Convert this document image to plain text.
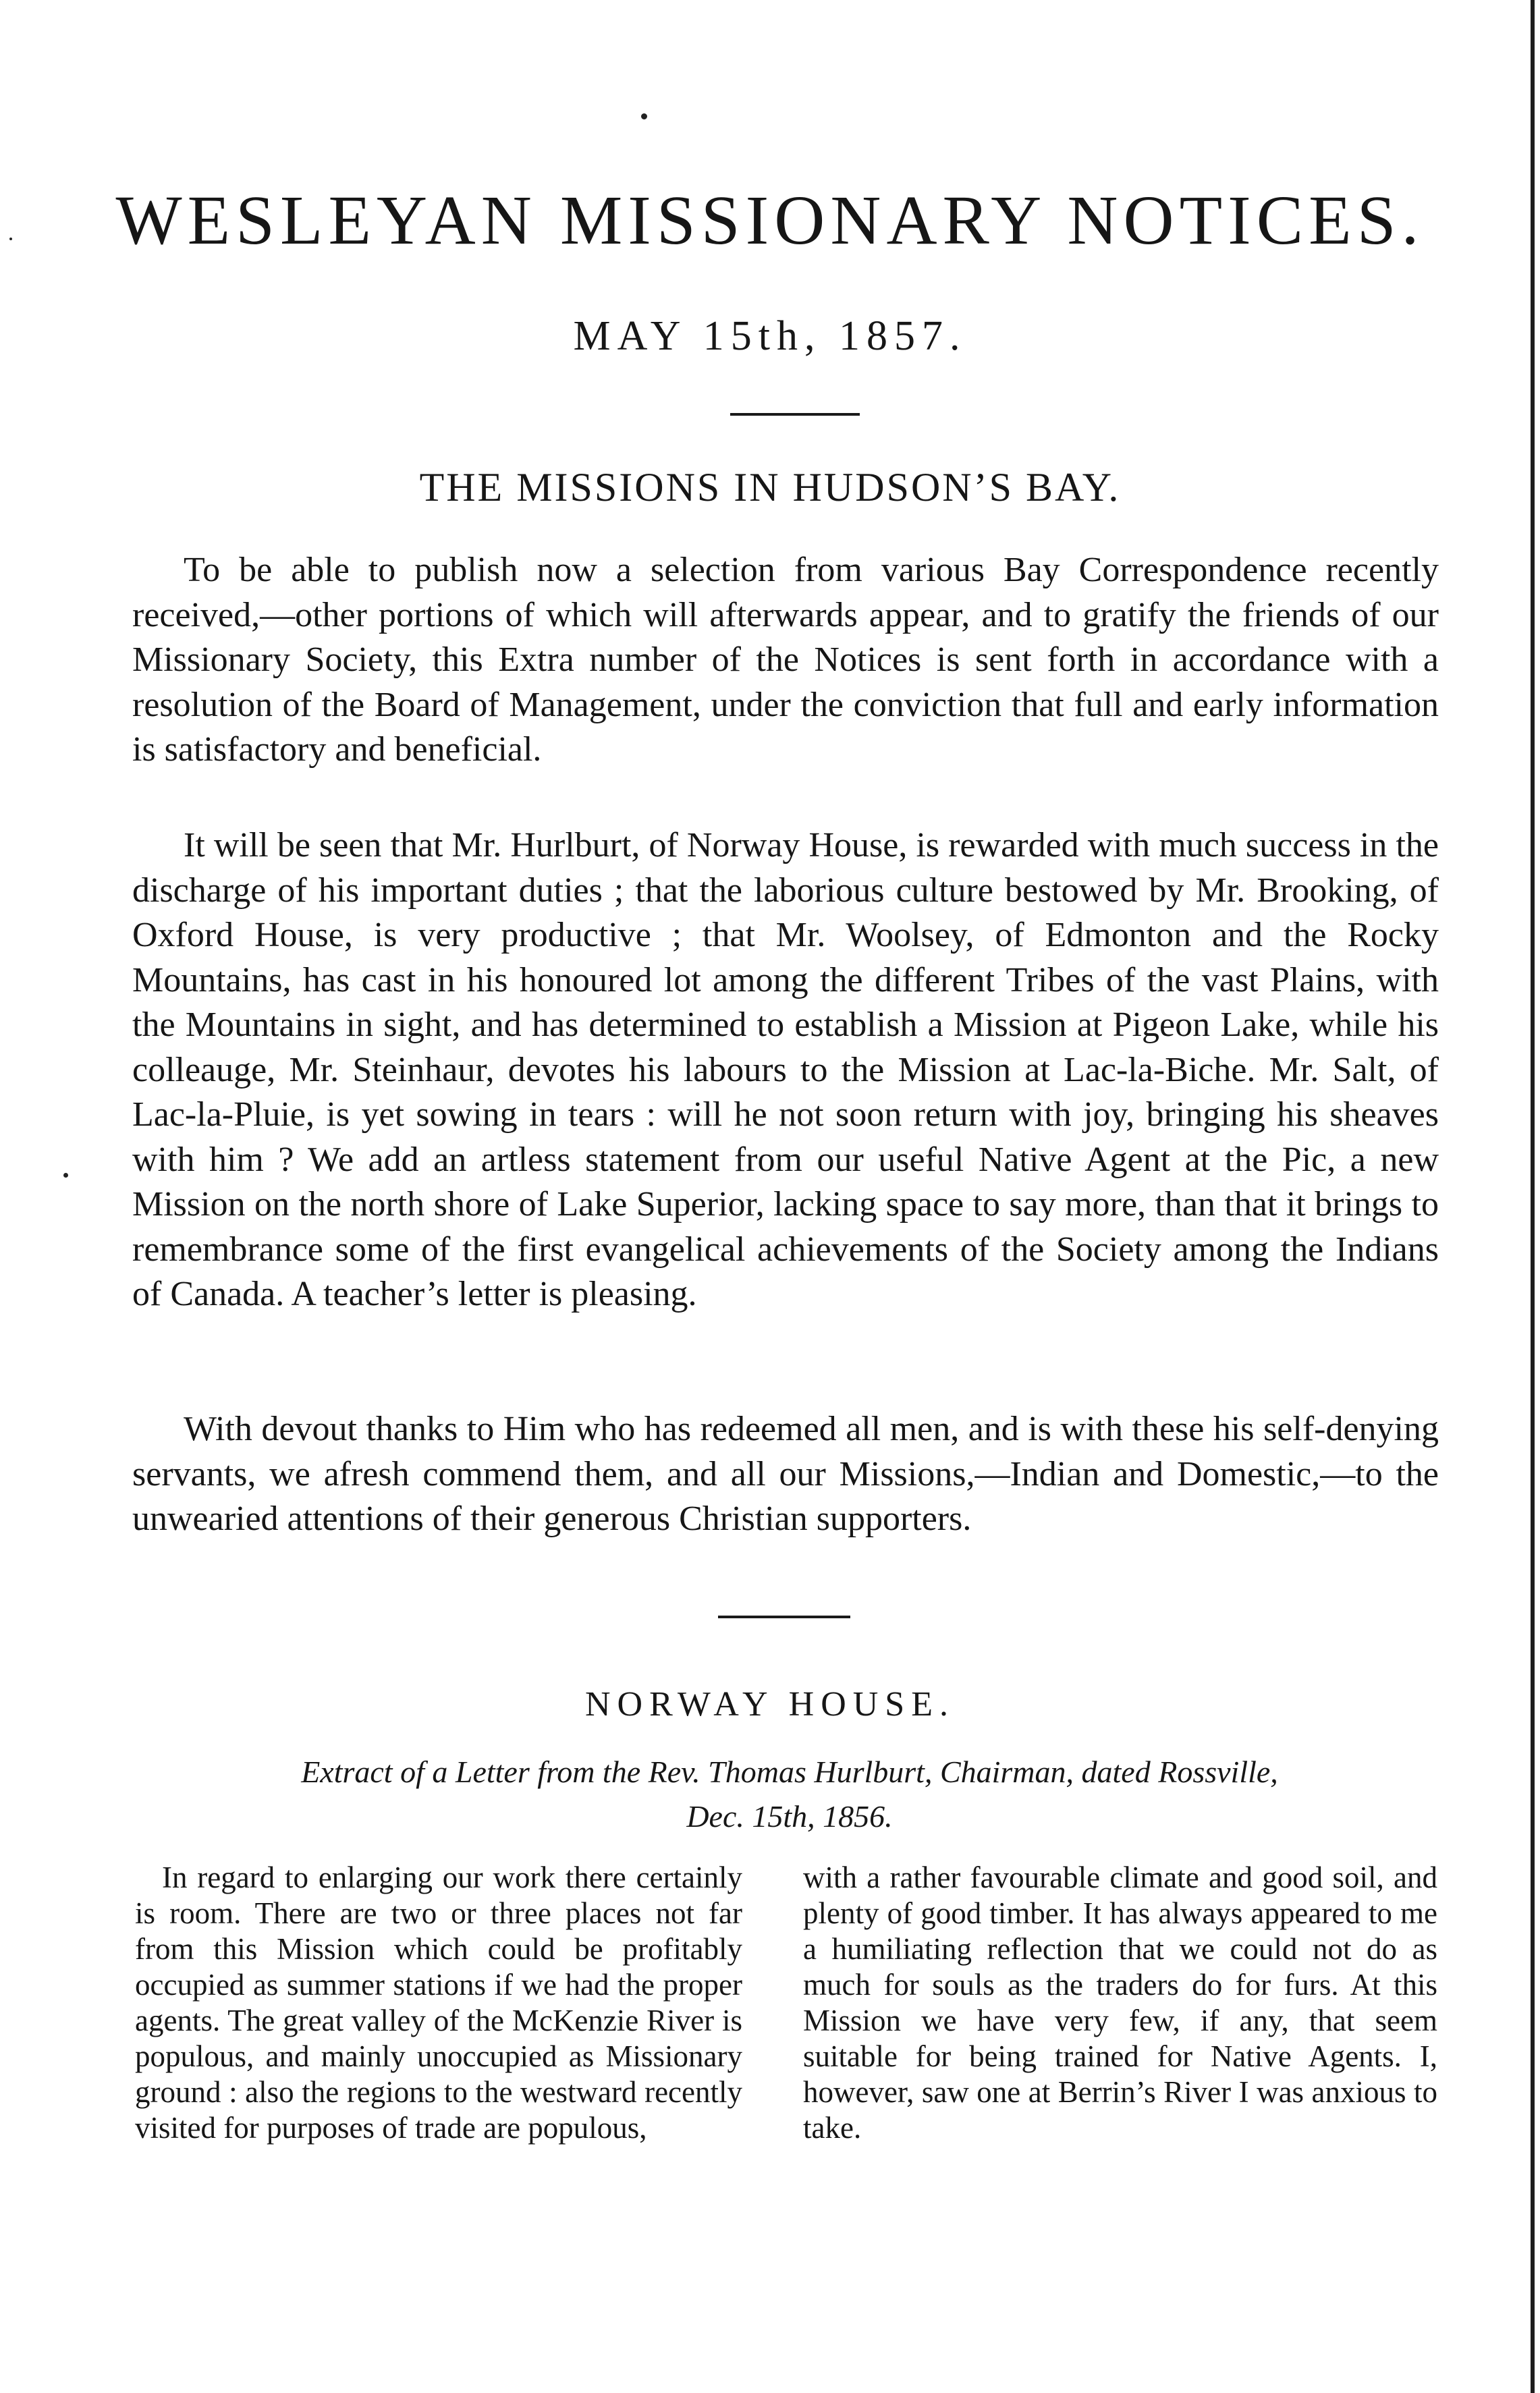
WESLEYAN MISSIONARY NOTICES.
MAY 15th, 1857.
THE MISSIONS IN HUDSON’S BAY.

To be able to publish now a selection from various Bay Correspondence recently received,—other portions of which will afterwards appear, and to gratify the friends of our Missionary Society, this Extra number of the Notices is sent forth in accordance with a resolution of the Board of Management, under the conviction that full and early information is satisfactory and beneficial.

It will be seen that Mr. Hurlburt, of Norway House, is rewarded with much success in the discharge of his important duties ; that the laborious culture bestowed by Mr. Brooking, of Oxford House, is very productive ; that Mr. Woolsey, of Edmonton and the Rocky Mountains, has cast in his honoured lot among the different Tribes of the vast Plains, with the Mountains in sight, and has determined to establish a Mission at Pigeon Lake, while his colleauge, Mr. Steinhaur, devotes his labours to the Mission at Lac-la-Biche. Mr. Salt, of Lac-la-Pluie, is yet sowing in tears : will he not soon return with joy, bringing his sheaves with him ? We add an artless statement from our useful Native Agent at the Pic, a new Mission on the north shore of Lake Superior, lacking space to say more, than that it brings to remembrance some of the first evangelical achievements of the Society among the Indians of Canada. A teacher’s letter is pleasing.

With devout thanks to Him who has redeemed all men, and is with these his self-denying servants, we afresh commend them, and all our Missions,—Indian and Domestic,—to the unwearied attentions of their generous Christian supporters.

NORWAY HOUSE.
Extract of a Letter from the Rev. Thomas Hurlburt, Chairman, dated Rossville,
Dec. 15th, 1856.

In regard to enlarging our work there certainly is room. There are two or three places not far from this Mission which could be profitably occupied as summer stations if we had the proper agents. The great valley of the McKenzie River is populous, and mainly unoccupied as Missionary ground : also the regions to the westward recently visited for purposes of trade are populous,

with a rather favourable climate and good soil, and plenty of good timber. It has always appeared to me a humiliating reflection that we could not do as much for souls as the traders do for furs. At this Mission we have very few, if any, that seem suitable for being trained for Native Agents. I, however, saw one at Berrin’s River I was anxious to take.
